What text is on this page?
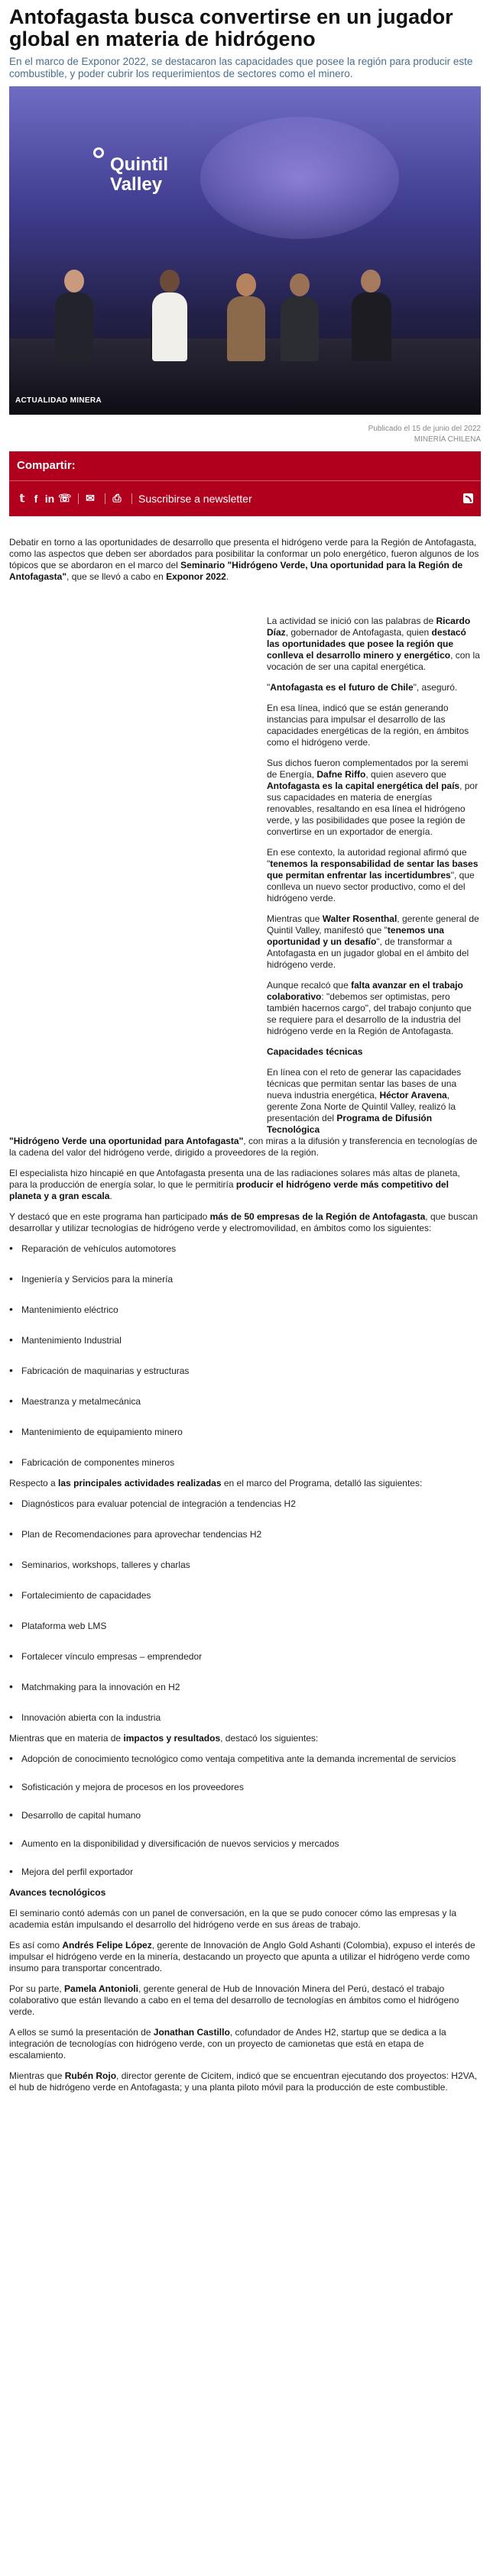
Antofagasta busca convertirse en un jugador global en materia de hidrógeno

En el marco de Exponor 2022, se destacaron las capacidades que posee la región para producir este combustible, y poder cubrir los requerimientos de sectores como el minero.

Quintil
Valley
ACTUALIDAD MINERA
Publicado el 15 de junio del 2022
MINERÍA CHILENA
Compartir:
𝕥 f in ☏ ✉ ⎙ Suscribirse a newsletter

Debatir en torno a las oportunidades de desarrollo que presenta el hidrógeno verde para la Región de Antofagasta, como las aspectos que deben ser abordados para posibilitar la conformar un polo energético, fueron algunos de los tópicos que se abordaron en el marco del Seminario "Hidrógeno Verde, Una oportunidad para la Región de Antofagasta", que se llevó a cabo en Exponor 2022.

La actividad se inició con las palabras de Ricardo Díaz, gobernador de Antofagasta, quien destacó las oportunidades que posee la región que conlleva el desarrollo minero y energético, con la vocación de ser una capital energética.

"Antofagasta es el futuro de Chile", aseguró.

En esa línea, indicó que se están generando instancias para impulsar el desarrollo de las capacidades energéticas de la región, en ámbitos como el hidrógeno verde.

Sus dichos fueron complementados por la seremi de Energía, Dafne Riffo, quien asevero que Antofagasta es la capital energética del país, por sus capacidades en materia de energías renovables, resaltando en esa línea el hidrógeno verde, y las posibilidades que posee la región de convertirse en un exportador de energía.

En ese contexto, la autoridad regional afirmó que "tenemos la responsabilidad de sentar las bases que permitan enfrentar las incertidumbres", que conlleva un nuevo sector productivo, como el del hidrógeno verde.

Mientras que Walter Rosenthal, gerente general de Quintil Valley, manifestó que "tenemos una oportunidad y un desafío", de transformar a Antofagasta en un jugador global en el ámbito del hidrógeno verde.

Aunque recalcó que falta avanzar en el trabajo colaborativo: "debemos ser optimistas, pero también hacernos cargo", del trabajo conjunto que se requiere para el desarrollo de la industria del hidrógeno verde en la Región de Antofagasta.

Capacidades técnicas

En línea con el reto de generar las capacidades técnicas que permitan sentar las bases de una nueva industria energética, Héctor Aravena, gerente Zona Norte de Quintil Valley, realizó la presentación del Programa de Difusión Tecnológica

"Hidrógeno Verde una oportunidad para Antofagasta", con miras a la difusión y transferencia en tecnologías de la cadena del valor del hidrógeno verde, dirigido a proveedores de la región.

El especialista hizo hincapié en que Antofagasta presenta una de las radiaciones solares más altas de planeta, para la producción de energía solar, lo que le permitiría producir el hidrógeno verde más competitivo del planeta y a gran escala.

Y destacó que en este programa han participado más de 50 empresas de la Región de Antofagasta, que buscan desarrollar y utilizar tecnologías de hidrógeno verde y electromovilidad, en ámbitos como los siguientes:

• Reparación de vehículos automotores
• Ingeniería y Servicios para la minería
• Mantenimiento eléctrico
• Mantenimiento Industrial
• Fabricación de maquinarias y estructuras
• Maestranza y metalmecánica
• Mantenimiento de equipamiento minero
• Fabricación de componentes mineros

Respecto a las principales actividades realizadas en el marco del Programa, detalló las siguientes:

• Diagnósticos para evaluar potencial de integración a tendencias H2
• Plan de Recomendaciones para aprovechar tendencias H2
• Seminarios, workshops, talleres y charlas
• Fortalecimiento de capacidades
• Plataforma web LMS
• Fortalecer vínculo empresas – emprendedor
• Matchmaking para la innovación en H2
• Innovación abierta con la industria

Mientras que en materia de impactos y resultados, destacó los siguientes:

• Adopción de conocimiento tecnológico como ventaja competitiva ante la demanda incremental de servicios
• Sofisticación y mejora de procesos en los proveedores
• Desarrollo de capital humano
• Aumento en la disponibilidad y diversificación de nuevos servicios y mercados
• Mejora del perfil exportador

Avances tecnológicos

El seminario contó además con un panel de conversación, en la que se pudo conocer cómo las empresas y la academia están impulsando el desarrollo del hidrógeno verde en sus áreas de trabajo.

Es así como Andrés Felipe López, gerente de Innovación de Anglo Gold Ashanti (Colombia), expuso el interés de impulsar el hidrógeno verde en la minería, destacando un proyecto que apunta a utilizar el hidrógeno verde como insumo para transportar concentrado.

Por su parte, Pamela Antonioli, gerente general de Hub de Innovación Minera del Perú, destacó el trabajo colaborativo que están llevando a cabo en el tema del desarrollo de tecnologías en ámbitos como el hidrógeno verde.

A ellos se sumó la presentación de Jonathan Castillo, cofundador de Andes H2, startup que se dedica a la integración de tecnologías con hidrógeno verde, con un proyecto de camionetas que está en etapa de escalamiento.

Mientras que Rubén Rojo, director gerente de Cicitem, indicó que se encuentran ejecutando dos proyectos: H2VA, el hub de hidrógeno verde en Antofagasta; y una planta piloto móvil para la producción de este combustible.
